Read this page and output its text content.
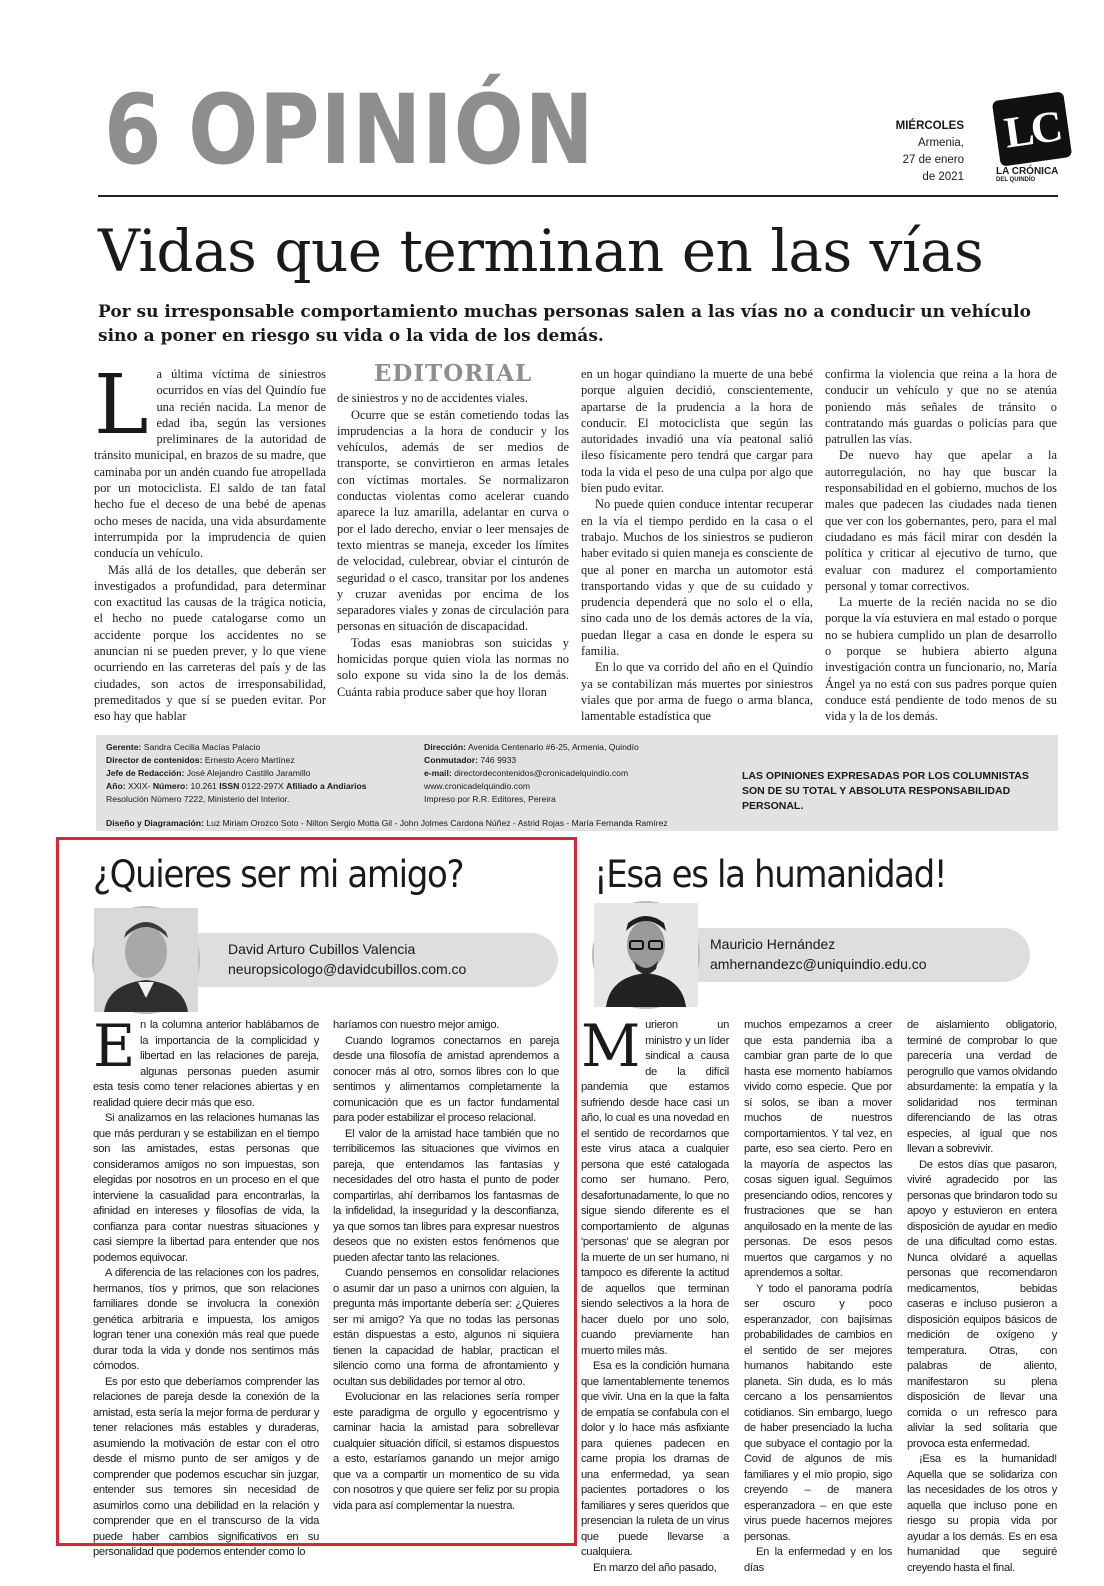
6 OPINIÓN	MIÉRCOLES
Armenia,
27 de enero
de 2021
LC
LA CRÓNICA
DEL QUINDÍO
Vidas que terminan en las vías
Por su irresponsable comportamiento muchas personas salen a las vías no a conducir un vehículo sino a poner en riesgo su vida o la vida de los demás.
L a última víctima de siniestros ocurridos en vías del Quindío fue una recién nacida. La menor de edad iba, según las versiones preliminares de la autoridad de tránsito municipal, en brazos de su madre, que caminaba por un andén cuando fue atropellada por un motociclista. El saldo de tan fatal hecho fue el deceso de una bebé de apenas ocho meses de nacida, una vida absurdamente interrumpida por la imprudencia de quien conducía un vehículo.

Más allá de los detalles, que deberán ser investigados a profundidad, para determinar con exactitud las causas de la trágica noticia, el hecho no puede catalogarse como un accidente porque los accidentes no se anuncian ni se pueden prever, y lo que viene ocurriendo en las carreteras del país y de las ciudades, son actos de irresponsabilidad, premeditados y que sí se pueden evitar. Por eso hay que hablar

EDITORIAL

de siniestros y no de accidentes viales.

Ocurre que se están cometiendo todas las imprudencias a la hora de conducir y los vehículos, además de ser medios de transporte, se convirtieron en armas letales con víctimas mortales. Se normalizaron conductas violentas como acelerar cuando aparece la luz amarilla, adelantar en curva o por el lado derecho, enviar o leer mensajes de texto mientras se maneja, exceder los límites de velocidad, culebrear, obviar el cinturón de seguridad o el casco, transitar por los andenes y cruzar avenidas por encima de los separadores viales y zonas de circulación para personas en situación de discapacidad.

Todas esas maniobras son suicidas y homicidas porque quien viola las normas no solo expone su vida sino la de los demás. Cuánta rabia produce saber que hoy lloran

en un hogar quindiano la muerte de una bebé porque alguien decidió, conscientemente, apartarse de la prudencia a la hora de conducir. El motociclista que según las autoridades invadió una vía peatonal salió ileso físicamente pero tendrá que cargar para toda la vida el peso de una culpa por algo que bien pudo evitar.

No puede quien conduce intentar recuperar en la vía el tiempo perdido en la casa o el trabajo. Muchos de los siniestros se pudieron haber evitado si quien maneja es consciente de que al poner en marcha un automotor está transportando vidas y que de su cuidado y prudencia dependerá que no solo el o ella, sino cada uno de los demás actores de la vía, puedan llegar a casa en donde le espera su familia.

En lo que va corrido del año en el Quindío ya se contabilizan más muertes por siniestros viales que por arma de fuego o arma blanca, lamentable estadística que

confirma la violencia que reina a la hora de conducir un vehículo y que no se atenúa poniendo más señales de tránsito o contratando más guardas o policías para que patrullen las vías.

De nuevo hay que apelar a la autorregulación, no hay que buscar la responsabilidad en el gobierno, muchos de los males que padecen las ciudades nada tienen que ver con los gobernantes, pero, para el mal ciudadano es más fácil mirar con desdén la política y criticar al ejecutivo de turno, que evaluar con madurez el comportamiento personal y tomar correctivos.

La muerte de la recién nacida no se dio porque la vía estuviera en mal estado o porque no se hubiera cumplido un plan de desarrollo o porque se hubiera abierto alguna investigación contra un funcionario, no, María Ángel ya no está con sus padres porque quien conduce está pendiente de todo menos de su vida y la de los demás.

Gerente: Sandra Cecilia Macías Palacio
Director de contenidos: Ernesto Acero Martínez
Jefe de Redacción: José Alejandro Castillo Jaramillo
Año: XXIX- Número: 10.261 ISSN 0122-297X Afiliado a Andiarios
Resolución Número 7222, Ministerio del Interior.
Dirección: Avenida Centenario #6-25, Armenia, Quindío
Conmutador: 746 9933
e-mail: directordecontenidos@cronicadelquindio.com
www.cronicadelquindio.com
Impreso por R.R. Editores, Pereira
LAS OPINIONES EXPRESADAS POR LOS COLUMNISTAS SON DE SU TOTAL Y ABSOLUTA RESPONSABILIDAD PERSONAL.
Diseño y Diagramación: Luz Miriam Orozco Soto - Nilton Sergio Motta Gil - John Jolmes Cardona Núñez - Astrid Rojas - María Fernanda Ramírez
¿Quieres ser mi amigo?
David Arturo Cubillos Valencia
neuropsicologo@davidcubillos.com.co
E n la columna anterior hablábamos de la importancia de la complicidad y libertad en las relaciones de pareja, algunas personas pueden asumir esta tesis como tener relaciones abiertas y en realidad quiere decir más que eso.

Si analizamos en las relaciones humanas las que más perduran y se estabilizan en el tiempo son las amistades, estas personas que consideramos amigos no son impuestas, son elegidas por nosotros en un proceso en el que interviene la casualidad para encontrarlas, la afinidad en intereses y filosofías de vida, la confianza para contar nuestras situaciones y casi siempre la libertad para entender que nos podemos equivocar.

A diferencia de las relaciones con los padres, hermanos, tíos y primos, que son relaciones familiares donde se involucra la conexión genética arbitraria e impuesta, los amigos logran tener una conexión más real que puede durar toda la vida y donde nos sentimos más cómodos.

Es por esto que deberíamos comprender las relaciones de pareja desde la conexión de la amistad, esta sería la mejor forma de perdurar y tener relaciones más estables y duraderas, asumiendo la motivación de estar con el otro desde el mismo punto de ser amigos y de comprender que podemos escuchar sin juzgar, entender sus temores sin necesidad de asumirlos como una debilidad en la relación y comprender que en el transcurso de la vida puede haber cambios significativos en su personalidad que podemos entender como lo

haríamos con nuestro mejor amigo.

Cuando logramos conectarnos en pareja desde una filosofía de amistad aprendemos a conocer más al otro, somos libres con lo que sentimos y alimentamos completamente la comunicación que es un factor fundamental para poder estabilizar el proceso relacional.

El valor de la amistad hace también que no terribilicemos las situaciones que vivimos en pareja, que entendamos las fantasías y necesidades del otro hasta el punto de poder compartirlas, ahí derribamos los fantasmas de la infidelidad, la inseguridad y la desconfianza, ya que somos tan libres para expresar nuestros deseos que no existen estos fenómenos que pueden afectar tanto las relaciones.

Cuando pensemos en consolidar relaciones o asumir dar un paso a unirnos con alguien, la pregunta más importante debería ser: ¿Quieres ser mi amigo? Ya que no todas las personas están dispuestas a esto, algunos ni siquiera tienen la capacidad de hablar, practican el silencio como una forma de afrontamiento y ocultan sus debilidades por temor al otro.

Evolucionar en las relaciones sería romper este paradigma de orgullo y egocentrismo y caminar hacia la amistad para sobrellevar cualquier situación difícil, si estamos dispuestos a esto, estaríamos ganando un mejor amigo que va a compartir un momentico de su vida con nosotros y que quiere ser feliz por su propia vida para así complementar la nuestra.

¡Esa es la humanidad!
Mauricio Hernández
amhernandezc@uniquindio.edu.co
M urieron un ministro y un líder sindical a causa de la difícil pandemia que estamos sufriendo desde hace casi un año, lo cual es una novedad en el sentido de recordarnos que este virus ataca a cualquier persona que esté catalogada como ser humano. Pero, desafortunadamente, lo que no sigue siendo diferente es el comportamiento de algunas 'personas' que se alegran por la muerte de un ser humano, ni tampoco es diferente la actitud de aquellos que terminan siendo selectivos a la hora de hacer duelo por uno solo, cuando previamente han muerto miles más.

Esa es la condición humana que lamentablemente tenemos que vivir. Una en la que la falta de empatía se confabula con el dolor y lo hace más asfixiante para quienes padecen en carne propia los dramas de una enfermedad, ya sean pacientes portadores o los familiares y seres queridos que presencian la ruleta de un virus que puede llevarse a cualquiera.

En marzo del año pasado,

muchos empezamos a creer que esta pandemia iba a cambiar gran parte de lo que hasta ese momento habíamos vivido como especie. Que por sí solos, se iban a mover muchos de nuestros comportamientos. Y tal vez, en parte, eso sea cierto. Pero en la mayoría de aspectos las cosas siguen igual. Seguimos presenciando odios, rencores y frustraciones que se han anquilosado en la mente de las personas. De esos pesos muertos que cargamos y no aprendemos a soltar.

Y todo el panorama podría ser oscuro y poco esperanzador, con bajísimas probabilidades de cambios en el sentido de ser mejores humanos habitando este planeta. Sin duda, es lo más cercano a los pensamientos cotidianos. Sin embargo, luego de haber presenciado la lucha que subyace el contagio por la Covid de algunos de mis familiares y el mío propio, sigo creyendo – de manera esperanzadora – en que este virus puede hacernos mejores personas.

En la enfermedad y en los días

de aislamiento obligatorio, terminé de comprobar lo que parecería una verdad de perogrullo que vamos olvidando absurdamente: la empatía y la solidaridad nos terminan diferenciando de las otras especies, al igual que nos llevan a sobrevivir.

De estos días que pasaron, viviré agradecido por las personas que brindaron todo su apoyo y estuvieron en entera disposición de ayudar en medio de una dificultad como estas. Nunca olvidaré a aquellas personas que recomendaron medicamentos, bebidas caseras e incluso pusieron a disposición equipos básicos de medición de oxígeno y temperatura. Otras, con palabras de aliento, manifestaron su plena disposición de llevar una comida o un refresco para aliviar la sed solitaria que provoca esta enfermedad.

¡Esa es la humanidad! Aquella que se solidariza con las necesidades de los otros y aquella que incluso pone en riesgo su propia vida por ayudar a los demás. Es en esa humanidad que seguiré creyendo hasta el final.
